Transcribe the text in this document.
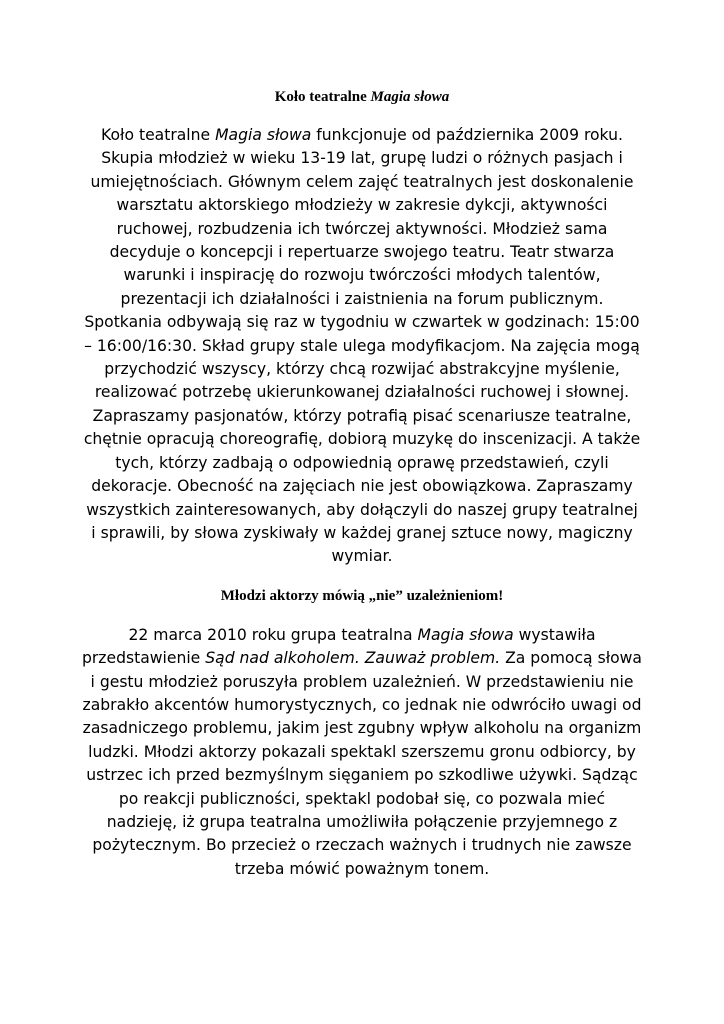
Koło teatralne Magia słowa

Koło teatralne Magia słowa funkcjonuje od października 2009 roku. Skupia młodzież w wieku 13-19 lat, grupę ludzi o różnych pasjach i umiejętnościach. Głównym celem zajęć teatralnych jest doskonalenie warsztatu aktorskiego młodzieży w zakresie dykcji, aktywności ruchowej, rozbudzenia ich twórczej aktywności. Młodzież sama decyduje o koncepcji i repertuarze swojego teatru. Teatr stwarza warunki i inspirację do rozwoju twórczości młodych talentów, prezentacji ich działalności i zaistnienia na forum publicznym. Spotkania odbywają się raz w tygodniu w czwartek w godzinach: 15:00 – 16:00/16:30. Skład grupy stale ulega modyfikacjom. Na zajęcia mogą przychodzić wszyscy, którzy chcą rozwijać abstrakcyjne myślenie, realizować potrzebę ukierunkowanej działalności ruchowej i słownej. Zapraszamy pasjonatów, którzy potrafią pisać scenariusze teatralne, chętnie opracują choreografię, dobiorą muzykę do inscenizacji. A także tych, którzy zadbają o odpowiednią oprawę przedstawień, czyli dekoracje. Obecność na zajęciach nie jest obowiązkowa. Zapraszamy wszystkich zainteresowanych, aby dołączyli do naszej grupy teatralnej i sprawili, by słowa zyskiwały w każdej granej sztuce nowy, magiczny wymiar.

Młodzi aktorzy mówią „nie” uzależnieniom!

22 marca 2010 roku grupa teatralna Magia słowa wystawiła przedstawienie Sąd nad alkoholem. Zauważ problem. Za pomocą słowa i gestu młodzież poruszyła problem uzależnień. W przedstawieniu nie zabrakło akcentów humorystycznych, co jednak nie odwróciło uwagi od zasadniczego problemu, jakim jest zgubny wpływ alkoholu na organizm ludzki. Młodzi aktorzy pokazali spektakl szerszemu gronu odbiorcy, by ustrzec ich przed bezmyślnym sięganiem po szkodliwe używki. Sądząc po reakcji publiczności, spektakl podobał się, co pozwala mieć nadzieję, iż grupa teatralna umożliwiła połączenie przyjemnego z pożytecznym. Bo przecież o rzeczach ważnych i trudnych nie zawsze trzeba mówić poważnym tonem.
